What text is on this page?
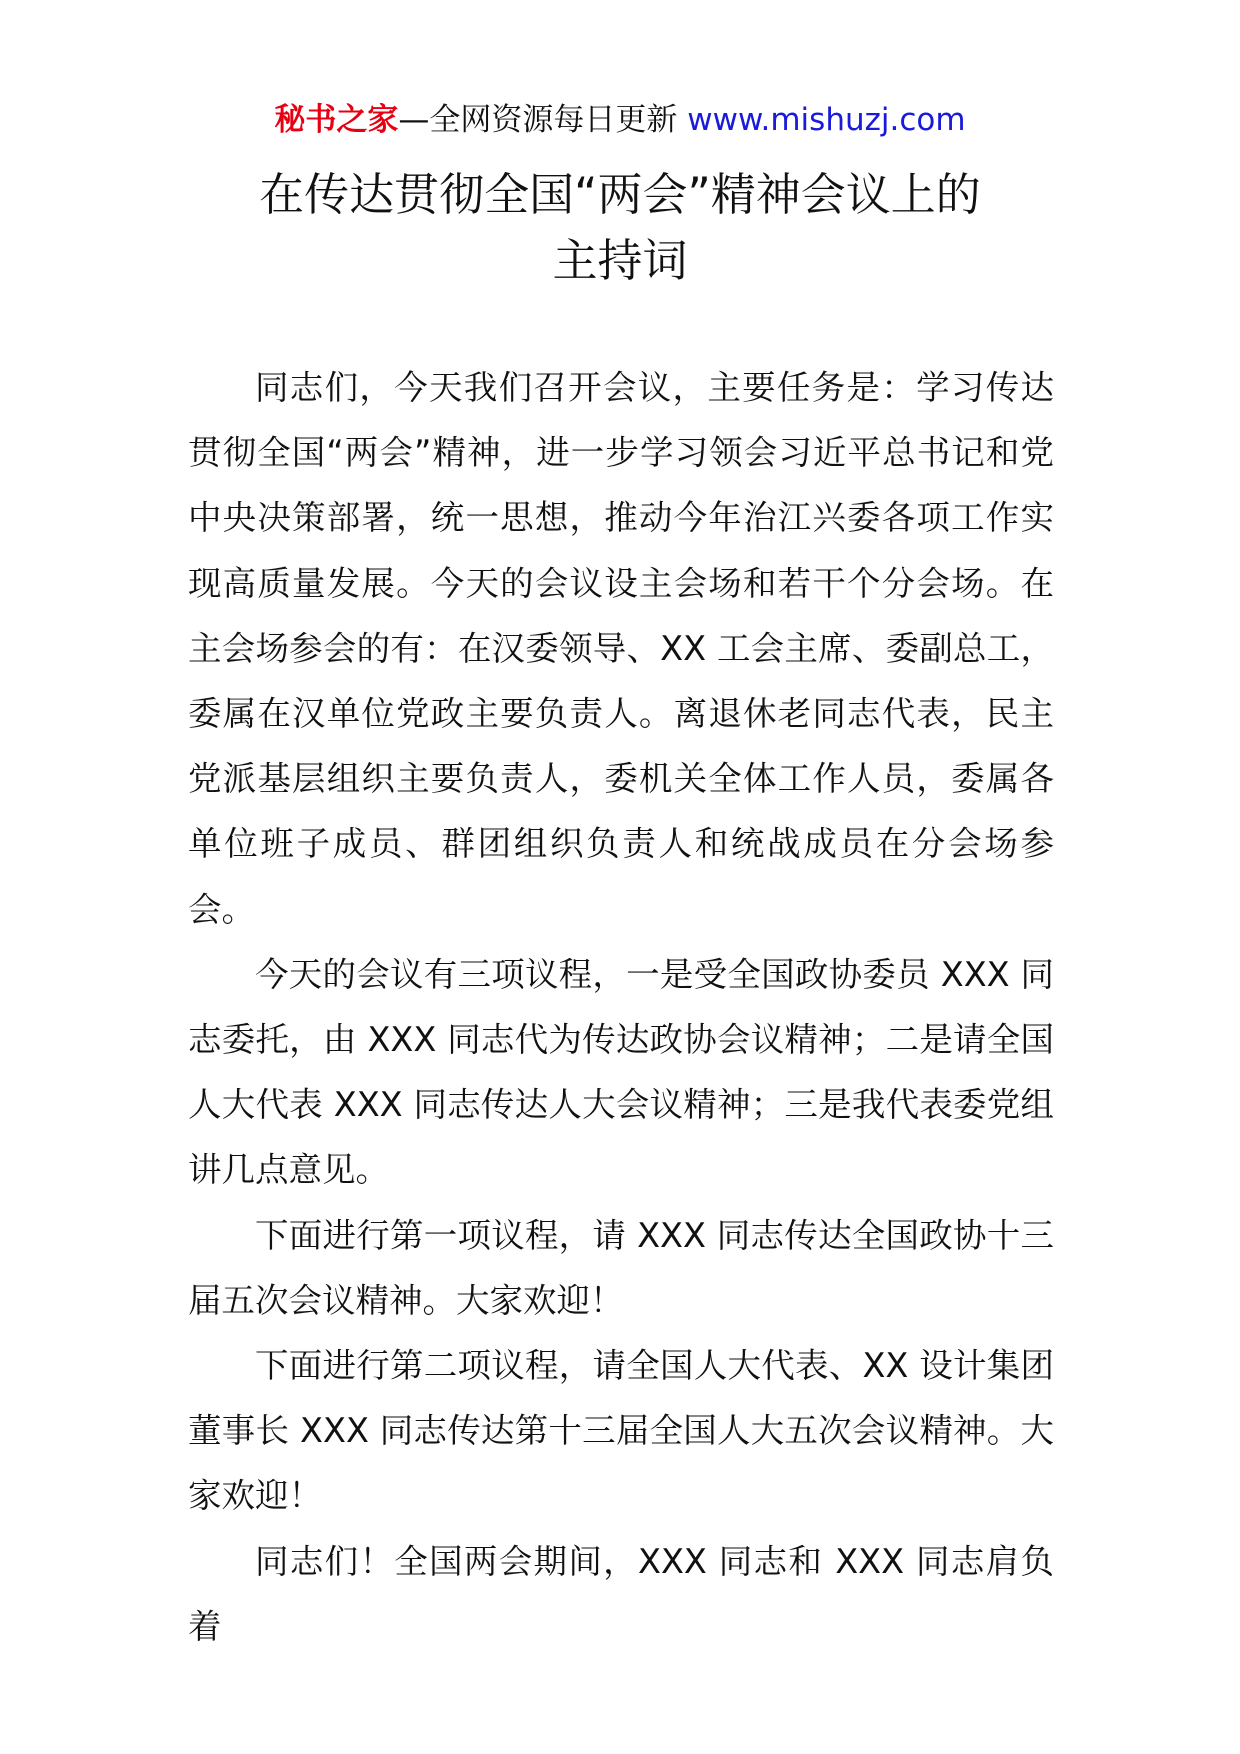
秘书之家—全网资源每日更新 www.mishuzj.com
在传达贯彻全国“两会”精神会议上的
主持词

同志们，今天我们召开会议，主要任务是：学习传达贯彻全国“两会”精神，进一步学习领会习近平总书记和党中央决策部署，统一思想，推动今年治江兴委各项工作实现高质量发展。今天的会议设主会场和若干个分会场。在主会场参会的有：在汉委领导、XX 工会主席、委副总工，委属在汉单位党政主要负责人。离退休老同志代表，民主党派基层组织主要负责人，委机关全体工作人员，委属各单位班子成员、群团组织负责人和统战成员在分会场参会。

今天的会议有三项议程，一是受全国政协委员 XXX 同志委托，由 XXX 同志代为传达政协会议精神；二是请全国人大代表 XXX 同志传达人大会议精神；三是我代表委党组讲几点意见。

下面进行第一项议程，请 XXX 同志传达全国政协十三届五次会议精神。大家欢迎！

下面进行第二项议程，请全国人大代表、XX 设计集团董事长 XXX 同志传达第十三届全国人大五次会议精神。大家欢迎！

同志们！全国两会期间，XXX 同志和 XXX 同志肩负着
